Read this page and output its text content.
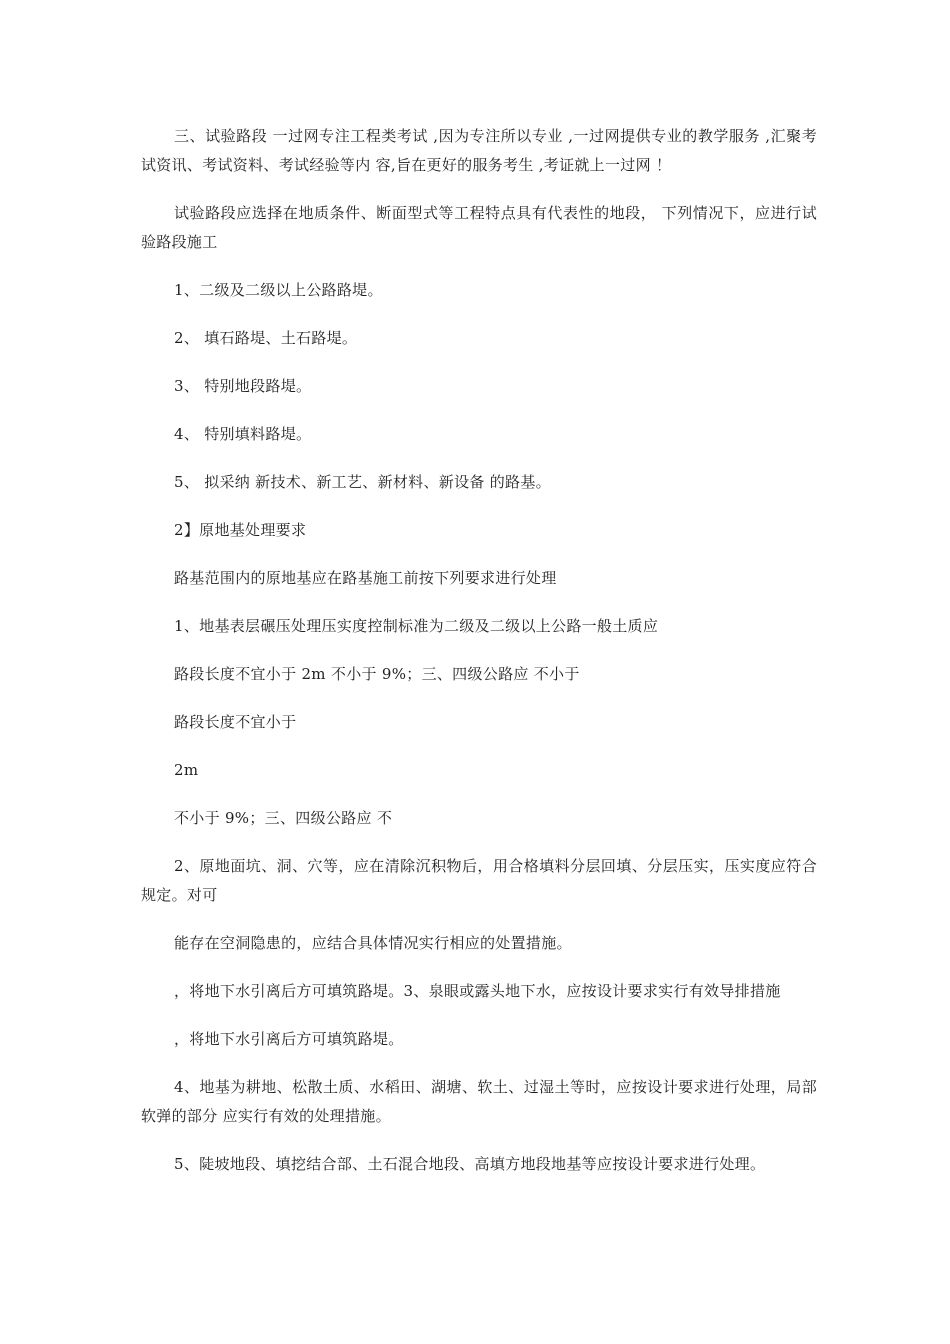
三、试验路段 一过网专注工程类考试 ,因为专注所以专业 ,一过网提供专业的教学服务 ,汇聚考试资讯、考试资料、考试经验等内 容,旨在更好的服务考生 ,考证就上一过网 ！

试验路段应选择在地质条件、断面型式等工程特点具有代表性的地段， 下列情况下，应进行试验路段施工

1、二级及二级以上公路路堤。

2、 填石路堤、土石路堤。

3、 特别地段路堤。

4、 特别填料路堤。

5、 拟采纳 新技术、新工艺、新材料、新设备 的路基。

2】原地基处理要求

路基范围内的原地基应在路基施工前按下列要求进行处理

1、地基表层碾压处理压实度控制标准为二级及二级以上公路一般土质应

路段长度不宜小于 2m 不小于 9%；三、四级公路应 不小于

路段长度不宜小于

2m

不小于 9%；三、四级公路应 不

2、原地面坑、洞、穴等，应在清除沉积物后，用合格填料分层回填、分层压实，压实度应符合规定。对可

能存在空洞隐患的，应结合具体情况实行相应的处置措施。

，将地下水引离后方可填筑路堤。3、泉眼或露头地下水，应按设计要求实行有效导排措施

，将地下水引离后方可填筑路堤。

4、地基为耕地、松散土质、水稻田、湖塘、软土、过湿土等时，应按设计要求进行处理，局部软弹的部分 应实行有效的处理措施。

5、陡坡地段、填挖结合部、土石混合地段、高填方地段地基等应按设计要求进行处理。
